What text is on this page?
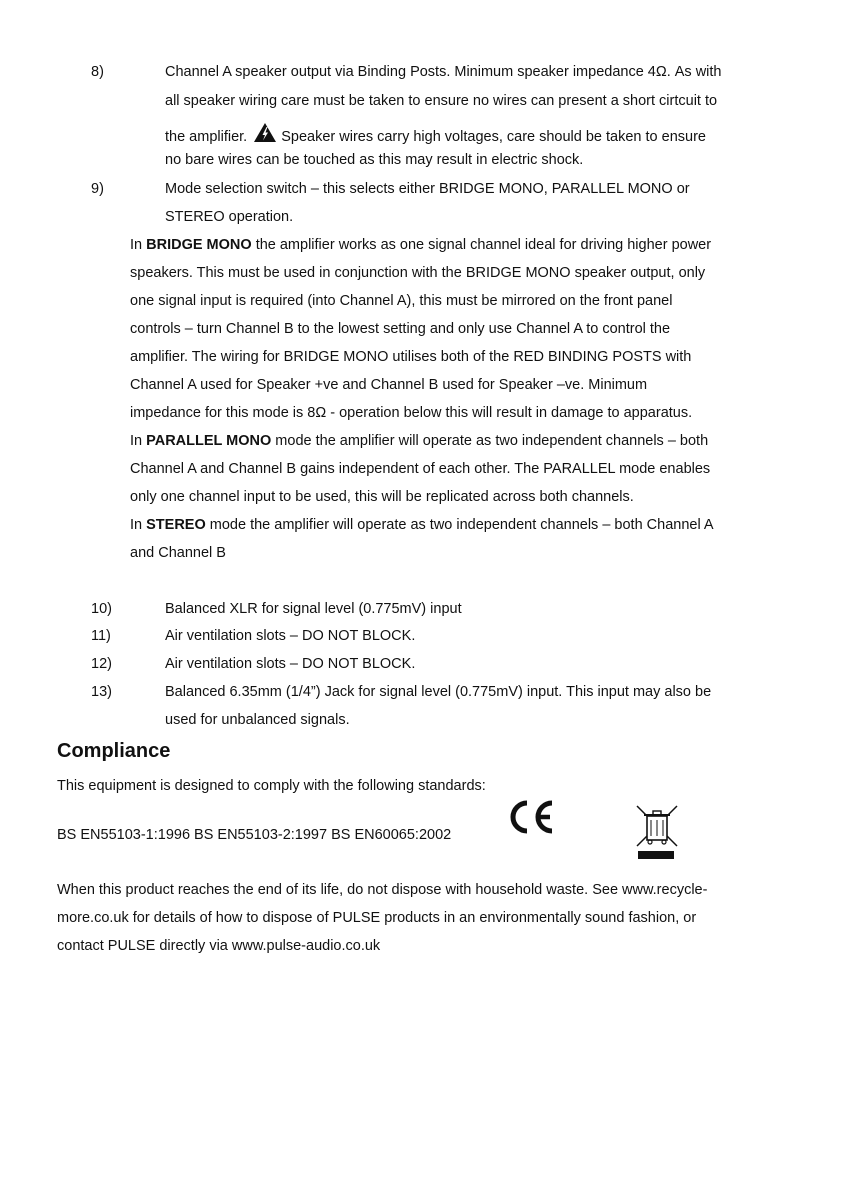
8)	Channel A speaker output via Binding Posts. Minimum speaker impedance 4Ω. As with
all speaker wiring care must be taken to ensure no wires can present a short cirtcuit to
the amplifier. Speaker wires carry high voltages, care should be taken to ensure
no bare wires can be touched as this may result in electric shock.
9)	Mode selection switch – this selects either BRIDGE MONO, PARALLEL MONO or
STEREO operation.
In BRIDGE MONO the amplifier works as one signal channel ideal for driving higher power
speakers. This must be used in conjunction with the BRIDGE MONO speaker output, only
one signal input is required (into Channel A), this must be mirrored on the front panel
controls – turn Channel B to the lowest setting and only use Channel A to control the
amplifier. The wiring for BRIDGE MONO utilises both of the RED BINDING POSTS with
Channel A used for Speaker +ve and Channel B used for Speaker –ve. Minimum
impedance for this mode is 8Ω - operation below this will result in damage to apparatus.
In PARALLEL MONO mode the amplifier will operate as two independent channels – both
Channel A and Channel B gains independent of each other. The PARALLEL mode enables
only one channel input to be used, this will be replicated across both channels.
In STEREO mode the amplifier will operate as two independent channels – both Channel A
and Channel B
10)	Balanced XLR for signal level (0.775mV) input
11)	Air ventilation slots – DO NOT BLOCK.
12)	Air ventilation slots – DO NOT BLOCK.
13)	Balanced 6.35mm (1/4”) Jack for signal level (0.775mV) input. This input may also be
used for unbalanced signals.
Compliance
This equipment is designed to comply with the following standards:
BS EN55103-1:1996 BS EN55103-2:1997 BS EN60065:2002
When this product reaches the end of its life, do not dispose with household waste. See www.recycle-
more.co.uk for details of how to dispose of PULSE products in an environmentally sound fashion, or
contact PULSE directly via www.pulse-audio.co.uk
